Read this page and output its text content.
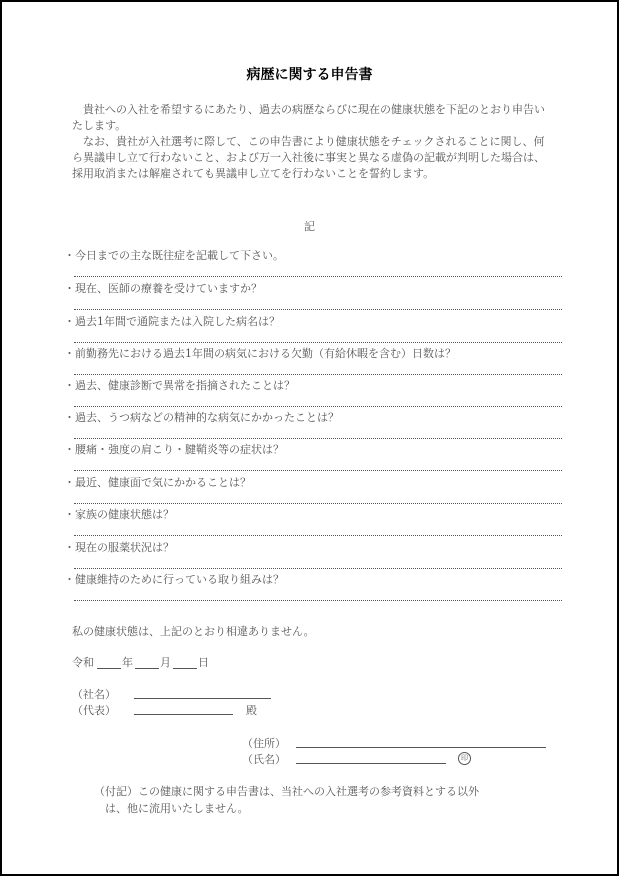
病歴に関する申告書

貴社への入社を希望するにあたり、過去の病歴ならびに現在の健康状態を下記のとおり申告いたします。

なお、貴社が入社選考に際して、この申告書により健康状態をチェックされることに関し、何ら異議申し立て行わないこと、および万一入社後に事実と異なる虚偽の記載が判明した場合は、採用取消または解雇されても異議申し立てを行わないことを誓約します。

記
・今日までの主な既往症を記載して下さい。
・現在、医師の療養を受けていますか？
・過去1年間で通院または入院した病名は？
・前勤務先における過去1年間の病気における欠勤（有給休暇を含む）日数は？
・過去、健康診断で異常を指摘されたことは？
・過去、うつ病などの精神的な病気にかかったことは？
・腰痛・強度の肩こり・腱鞘炎等の症状は？
・最近、健康面で気にかかることは？
・家族の健康状態は？
・現在の服薬状況は？
・健康維持のために行っている取り組みは？
私の健康状態は、上記のとおり相違ありません。
令和	年 月 日
（社名）
（代表）	殿
（住所）
（氏名）	印
（付記）この健康に関する申告書は、当社への入社選考の参考資料とする以外
は、他に流用いたしません。
